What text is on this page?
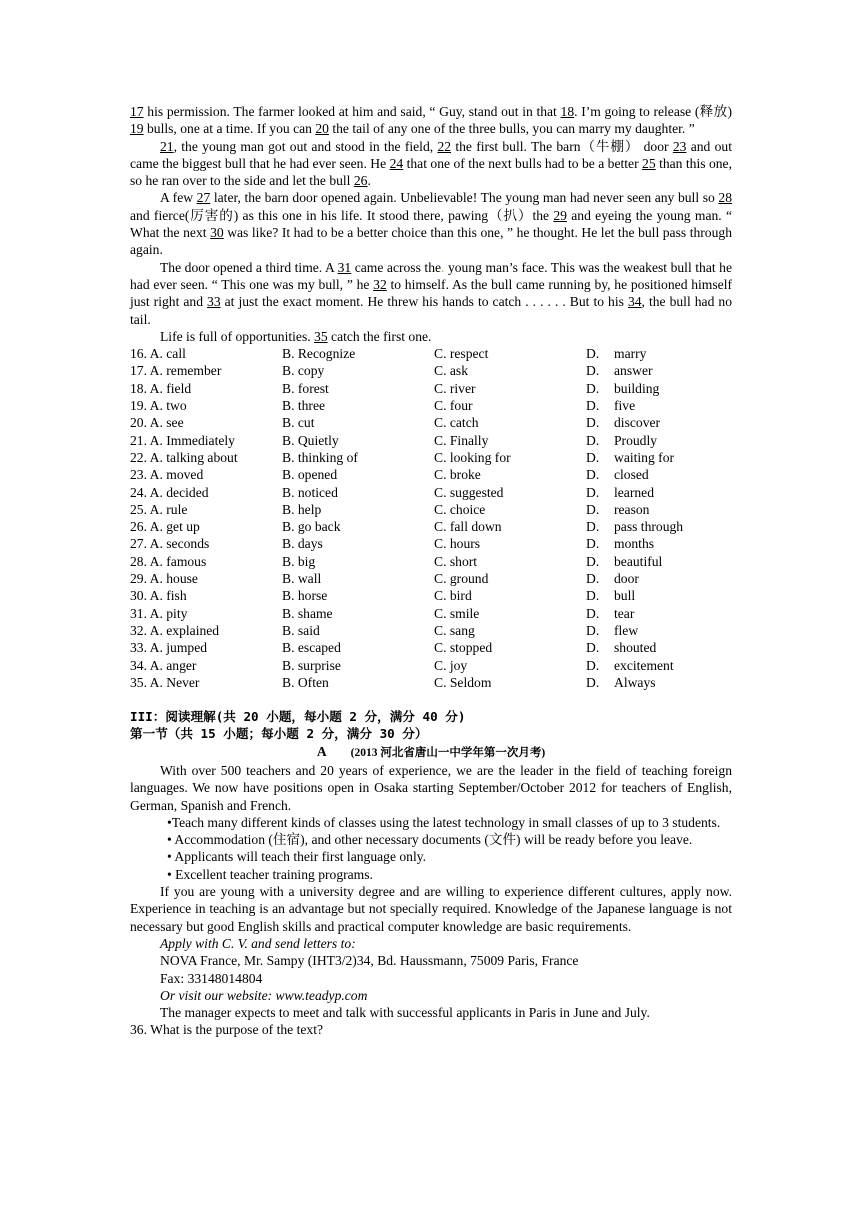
17 his permission. The farmer looked at him and said, “ Guy, stand out in that 18. I’m going to release (释放) 19 bulls, one at a time. If you can 20 the tail of any one of the three bulls, you can marry my daughter. ”

21, the young man got out and stood in the field, 22 the first bull. The barn（牛棚） door 23 and out came the biggest bull that he had ever seen. He 24 that one of the next bulls had to be a better 25 than this one, so he ran over to the side and let the bull 26.

A few 27 later, the barn door opened again. Unbelievable! The young man had never seen any bull so 28 and fierce(厉害的) as this one in his life. It stood there, pawing（扒）the 29 and eyeing the young man. “ What the next 30 was like? It had to be a better choice than this one, ” he thought. He let the bull pass through again.

The door opened a third time. A 31 came across the. young man’s face. This was the weakest bull that he had ever seen. “ This one was my bull, ” he 32 to himself. As the bull came running by, he positioned himself just right and 33 at just the exact moment. He threw his hands to catch . . . . . . But to his 34, the bull had no tail.

Life is full of opportunities. 35 catch the first one.

16. A. call	B. Recognize	C. respect	D.	marry
17. A. remember	B. copy	C. ask	D.	answer
18. A. field	B. forest	C. river	D.	building
19. A. two	B. three	C. four	D.	five
20. A. see	B. cut	C. catch	D.	discover
21. A. Immediately	B. Quietly	C. Finally	D.	Proudly
22. A. talking about	B. thinking of	C. looking for	D.	waiting for
23. A. moved	B. opened	C. broke	D.	closed
24. A. decided	B. noticed	C. suggested	D.	learned
25. A. rule	B. help	C. choice	D.	reason
26. A. get up	B. go back	C. fall down	D.	pass through
27. A. seconds	B. days	C. hours	D.	months
28. A. famous	B. big	C. short	D.	beautiful
29. A. house	B. wall	C. ground	D.	door
30. A. fish	B. horse	C. bird	D.	bull
31. A. pity	B. shame	C. smile	D.	tear
32. A. explained	B. said	C. sang	D.	flew
33. A. jumped	B. escaped	C. stopped	D.	shouted
34. A. anger	B. surprise	C. joy	D.	excitement
35. A. Never	B. Often	C. Seldom	D.	Always

III：阅读理解(共 20 小题，每小题 2 分，满分 40 分)

第一节（共 15 小题；每小题 2 分，满分 30 分）

A (2013 河北省唐山一中学年第一次月考)

With over 500 teachers and 20 years of experience, we are the leader in the field of teaching foreign languages. We now have positions open in Osaka starting September/October 2012 for teachers of English, German, Spanish and French.

•Teach many different kinds of classes using the latest technology in small classes of up to 3 students.

• Accommodation (住宿), and other necessary documents (文件) will be ready before you leave.

• Applicants will teach their first language only.

• Excellent teacher training programs.

If you are young with a university degree and are willing to experience different cultures, apply now. Experience in teaching is an advantage but not specially required. Knowledge of the Japanese language is not necessary but good English skills and practical computer knowledge are basic requirements.

Apply with C. V. and send letters to:

NOVA France, Mr. Sampy (IHT3/2)34, Bd. Haussmann, 75009 Paris, France

Fax: 33148014804

Or visit our website: www.teadyp.com

The manager expects to meet and talk with successful applicants in Paris in June and July.

36. What is the purpose of the text?
